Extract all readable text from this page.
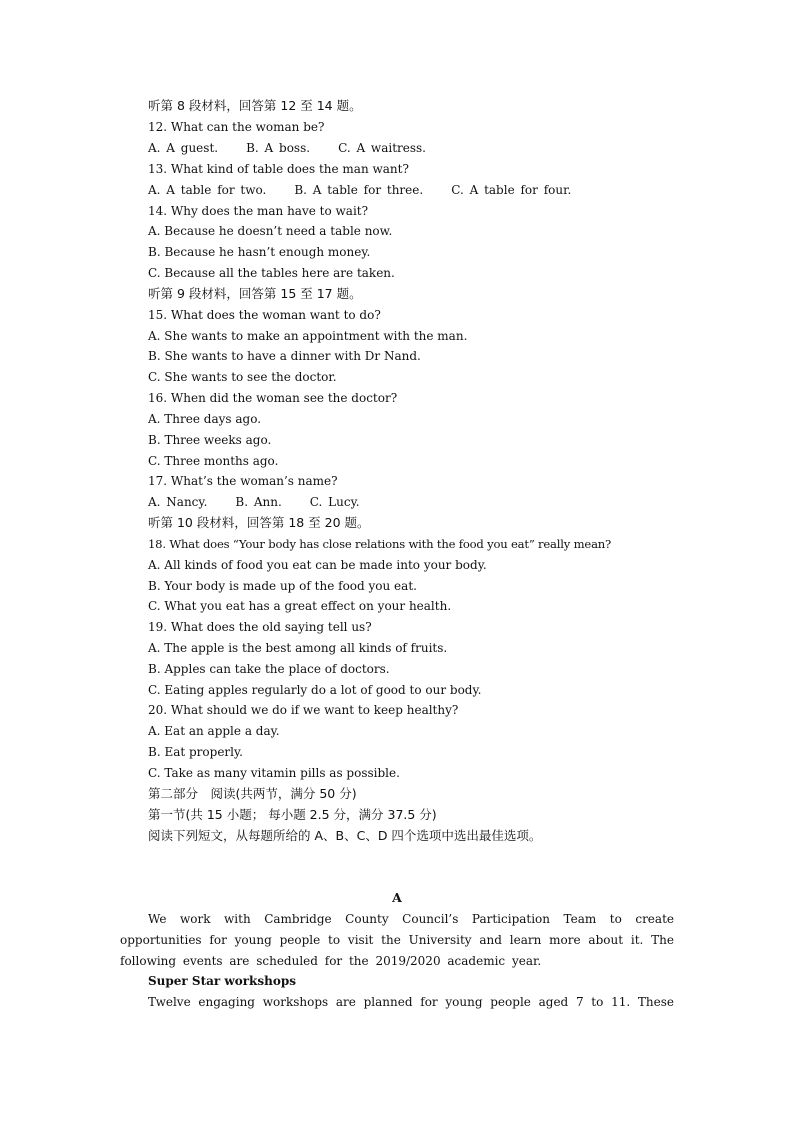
听第 8 段材料，回答第 12 至 14 题。
12. What can the woman be?
A. A guest. B. A boss. C. A waitress.
13. What kind of table does the man want?
A. A table for two. B. A table for three. C. A table for four.
14. Why does the man have to wait?
A. Because he doesn’t need a table now.
B. Because he hasn’t enough money.
C. Because all the tables here are taken.
听第 9 段材料，回答第 15 至 17 题。
15. What does the woman want to do?
A. She wants to make an appointment with the man.
B. She wants to have a dinner with Dr Nand.
C. She wants to see the doctor.
16. When did the woman see the doctor?
A. Three days ago.
B. Three weeks ago.
C. Three months ago.
17. What’s the woman’s name?
A. Nancy. B. Ann. C. Lucy.
听第 10 段材料，回答第 18 至 20 题。
18. What does “Your body has close relations with the food you eat” really mean?
A. All kinds of food you eat can be made into your body.
B. Your body is made up of the food you eat.
C. What you eat has a great effect on your health.
19. What does the old saying tell us?
A. The apple is the best among all kinds of fruits.
B. Apples can take the place of doctors.
C. Eating apples regularly do a lot of good to our body.
20. What should we do if we want to keep healthy?
A. Eat an apple a day.
B. Eat properly.
C. Take as many vitamin pills as possible.
第二部分　阅读(共两节，满分 50 分)
第一节(共 15 小题； 每小题 2.5 分，满分 37.5 分)
阅读下列短文，从每题所给的 A、B、C、D 四个选项中选出最佳选项。
A
We work with Cambridge County Council’s Participation Team to create
opportunities for young people to visit the University and learn more about it. The
following events are scheduled for the 2019/2020 academic year.
Super Star workshops
Twelve engaging workshops are planned for young people aged 7 to 11. These
